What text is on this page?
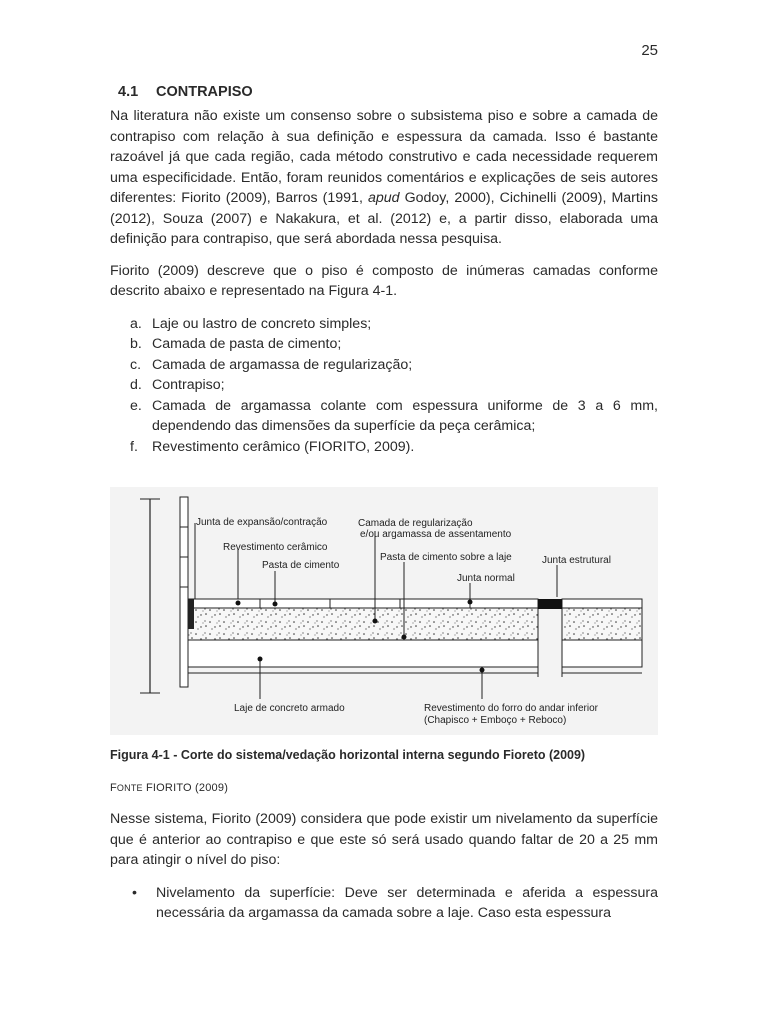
25
4.1 CONTRAPISO

Na literatura não existe um consenso sobre o subsistema piso e sobre a camada de contrapiso com relação à sua definição e espessura da camada. Isso é bastante razoável já que cada região, cada método construtivo e cada necessidade requerem uma especificidade. Então, foram reunidos comentários e explicações de seis autores diferentes: Fiorito (2009), Barros (1991, apud Godoy, 2000), Cichinelli (2009), Martins (2012), Souza (2007) e Nakakura, et al. (2012) e, a partir disso, elaborada uma definição para contrapiso, que será abordada nessa pesquisa.

Fiorito (2009) descreve que o piso é composto de inúmeras camadas conforme descrito abaixo e representado na Figura 4-1.

a. Laje ou lastro de concreto simples;
b. Camada de pasta de cimento;
c. Camada de argamassa de regularização;
d. Contrapiso;
e. Camada de argamassa colante com espessura uniforme de 3 a 6 mm, dependendo das dimensões da superfície da peça cerâmica;
f. Revestimento cerâmico (FIORITO, 2009).
Junta de expansão/contração
Revestimento cerâmico
Pasta de cimento
Camada de regularização
e/ou argamassa de assentamento
Pasta de cimento sobre a laje
Junta normal
Junta estrutural
Laje de concreto armado	Revestimento do forro do andar inferior
(Chapisco + Emboço + Reboco)
Figura 4-1 - Corte do sistema/vedação horizontal interna segundo Fioreto (2009)
FONTE FIORITO (2009)

Nesse sistema, Fiorito (2009) considera que pode existir um nivelamento da superfície que é anterior ao contrapiso e que este só será usado quando faltar de 20 a 25 mm para atingir o nível do piso:

•	Nivelamento da superfície: Deve ser determinada e aferida a espessura necessária da argamassa da camada sobre a laje. Caso esta espessura
